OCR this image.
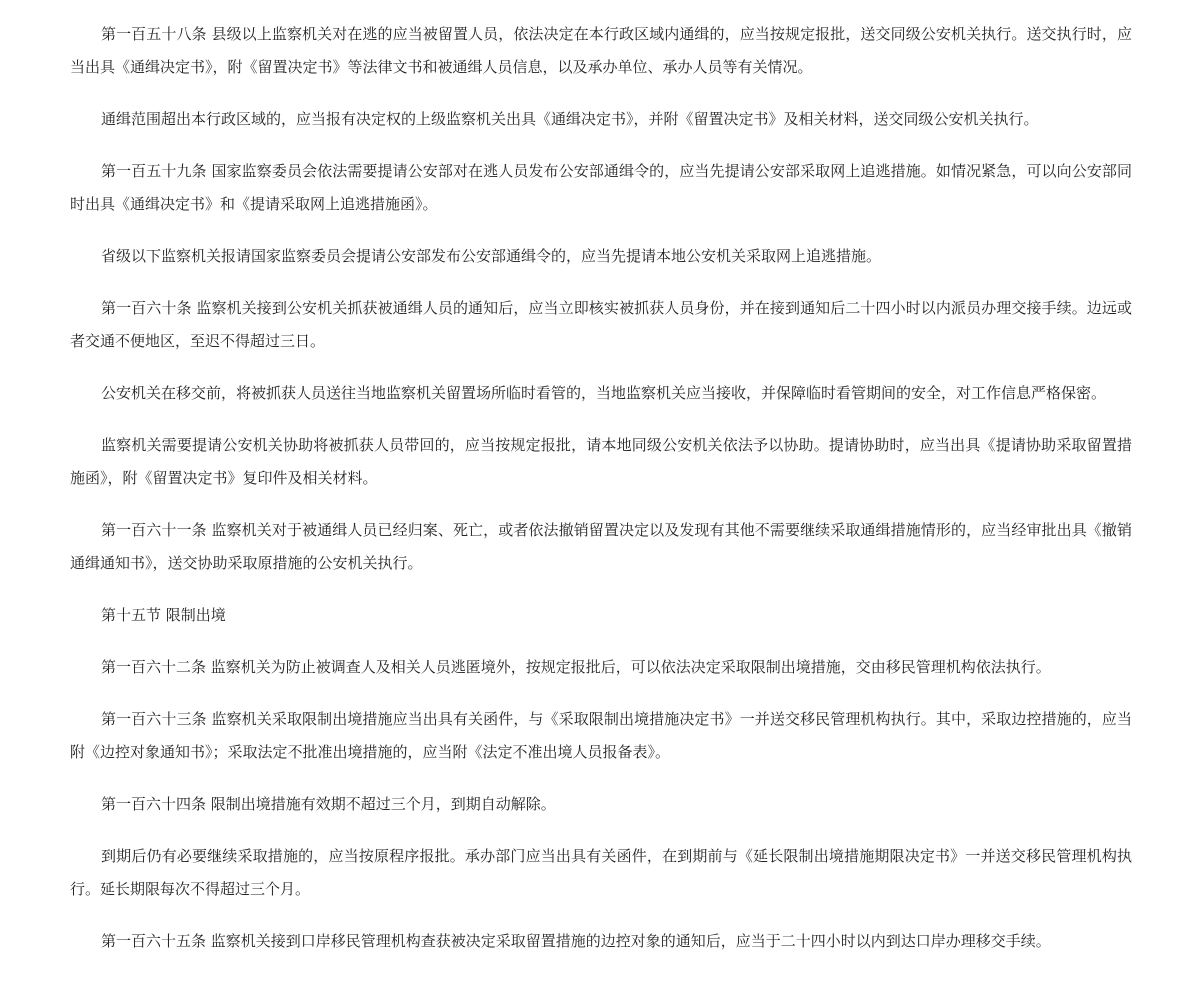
第一百五十八条 县级以上监察机关对在逃的应当被留置人员，依法决定在本行政区域内通缉的，应当按规定报批，送交同级公安机关执行。送交执行时，应当出具《通缉决定书》，附《留置决定书》等法律文书和被通缉人员信息，以及承办单位、承办人员等有关情况。

通缉范围超出本行政区域的，应当报有决定权的上级监察机关出具《通缉决定书》，并附《留置决定书》及相关材料，送交同级公安机关执行。

第一百五十九条 国家监察委员会依法需要提请公安部对在逃人员发布公安部通缉令的，应当先提请公安部采取网上追逃措施。如情况紧急，可以向公安部同时出具《通缉决定书》和《提请采取网上追逃措施函》。

省级以下监察机关报请国家监察委员会提请公安部发布公安部通缉令的，应当先提请本地公安机关采取网上追逃措施。

第一百六十条 监察机关接到公安机关抓获被通缉人员的通知后，应当立即核实被抓获人员身份，并在接到通知后二十四小时以内派员办理交接手续。边远或者交通不便地区，至迟不得超过三日。

公安机关在移交前，将被抓获人员送往当地监察机关留置场所临时看管的，当地监察机关应当接收，并保障临时看管期间的安全，对工作信息严格保密。

监察机关需要提请公安机关协助将被抓获人员带回的，应当按规定报批，请本地同级公安机关依法予以协助。提请协助时，应当出具《提请协助采取留置措施函》，附《留置决定书》复印件及相关材料。

第一百六十一条 监察机关对于被通缉人员已经归案、死亡，或者依法撤销留置决定以及发现有其他不需要继续采取通缉措施情形的，应当经审批出具《撤销通缉通知书》，送交协助采取原措施的公安机关执行。

第十五节 限制出境

第一百六十二条 监察机关为防止被调查人及相关人员逃匿境外，按规定报批后，可以依法决定采取限制出境措施，交由移民管理机构依法执行。

第一百六十三条 监察机关采取限制出境措施应当出具有关函件，与《采取限制出境措施决定书》一并送交移民管理机构执行。其中，采取边控措施的，应当附《边控对象通知书》；采取法定不批准出境措施的，应当附《法定不准出境人员报备表》。

第一百六十四条 限制出境措施有效期不超过三个月，到期自动解除。

到期后仍有必要继续采取措施的，应当按原程序报批。承办部门应当出具有关函件，在到期前与《延长限制出境措施期限决定书》一并送交移民管理机构执行。延长期限每次不得超过三个月。

第一百六十五条 监察机关接到口岸移民管理机构查获被决定采取留置措施的边控对象的通知后，应当于二十四小时以内到达口岸办理移交手续。
